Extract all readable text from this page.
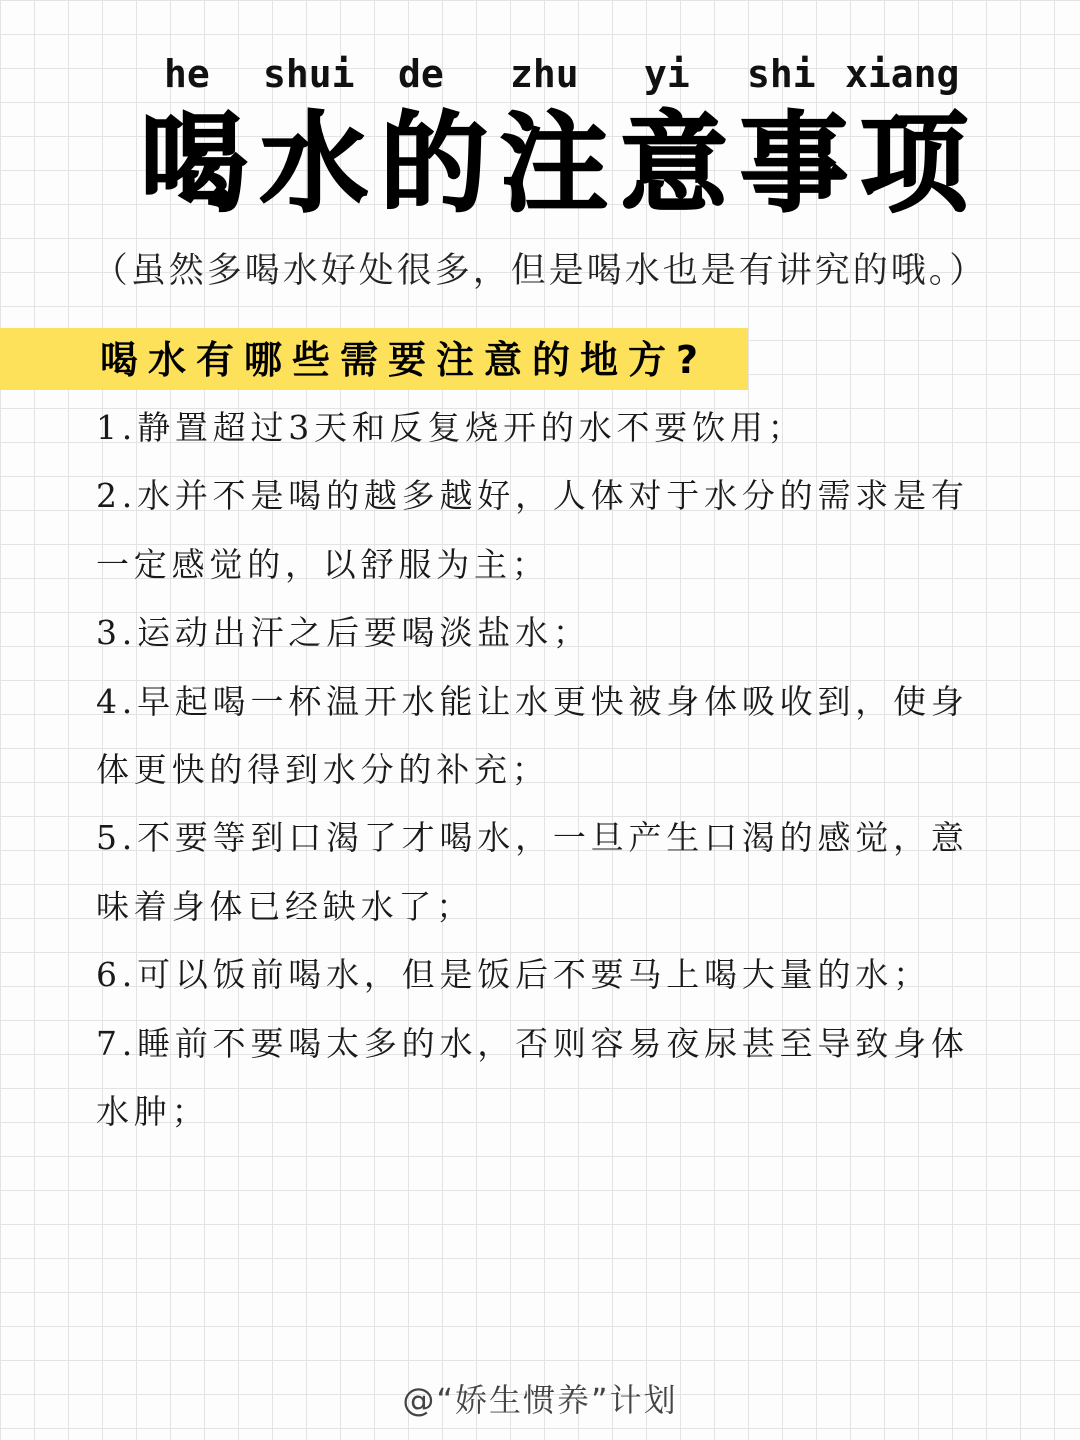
he shui de zhu yi shi xiang
喝水的注意事项
（虽然多喝水好处很多，但是喝水也是有讲究的哦。）
喝水有哪些需要注意的地方?
1.静置超过3天和反复烧开的水不要饮用；
2.水并不是喝的越多越好，人体对于水分的需求是有一定感觉的，以舒服为主；
3.运动出汗之后要喝淡盐水；
4.早起喝一杯温开水能让水更快被身体吸收到，使身体更快的得到水分的补充；
5.不要等到口渴了才喝水，一旦产生口渴的感觉，意味着身体已经缺水了；
6.可以饭前喝水，但是饭后不要马上喝大量的水；
7.睡前不要喝太多的水，否则容易夜尿甚至导致身体水肿；
@“娇生惯养”计划
